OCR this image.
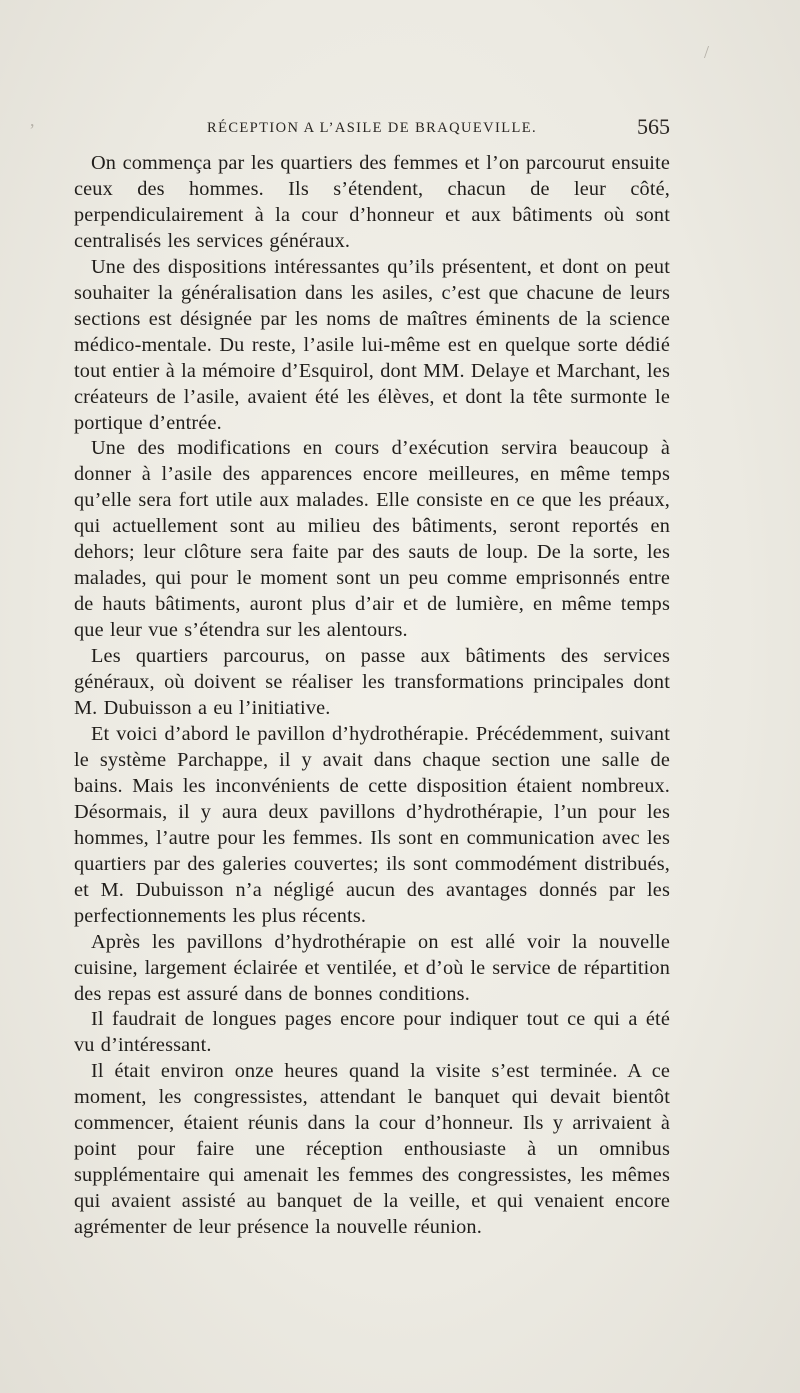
,
/
RÉCEPTION A L’ASILE DE BRAQUEVILLE.	565

On commença par les quartiers des femmes et l’on parcourut ensuite ceux des hommes. Ils s’étendent, chacun de leur côté, perpendiculairement à la cour d’honneur et aux bâtiments où sont centralisés les services généraux.

Une des dispositions intéressantes qu’ils présentent, et dont on peut souhaiter la généralisation dans les asiles, c’est que chacune de leurs sections est désignée par les noms de maîtres éminents de la science médico-mentale. Du reste, l’asile lui-même est en quelque sorte dédié tout entier à la mémoire d’Esquirol, dont MM. Delaye et Marchant, les créateurs de l’asile, avaient été les élèves, et dont la tête surmonte le portique d’entrée.

Une des modifications en cours d’exécution servira beaucoup à donner à l’asile des apparences encore meilleures, en même temps qu’elle sera fort utile aux malades. Elle consiste en ce que les préaux, qui actuellement sont au milieu des bâtiments, seront reportés en dehors; leur clôture sera faite par des sauts de loup. De la sorte, les malades, qui pour le moment sont un peu comme emprisonnés entre de hauts bâtiments, auront plus d’air et de lumière, en même temps que leur vue s’étendra sur les alentours.

Les quartiers parcourus, on passe aux bâtiments des services généraux, où doivent se réaliser les transformations principales dont M. Dubuisson a eu l’initiative.

Et voici d’abord le pavillon d’hydrothérapie. Précédemment, suivant le système Parchappe, il y avait dans chaque section une salle de bains. Mais les inconvénients de cette disposition étaient nombreux. Désormais, il y aura deux pavillons d’hydrothérapie, l’un pour les hommes, l’autre pour les femmes. Ils sont en communication avec les quartiers par des galeries couvertes; ils sont commodément distribués, et M. Dubuisson n’a négligé aucun des avantages donnés par les perfectionnements les plus récents.

Après les pavillons d’hydrothérapie on est allé voir la nouvelle cuisine, largement éclairée et ventilée, et d’où le service de répartition des repas est assuré dans de bonnes conditions.

Il faudrait de longues pages encore pour indiquer tout ce qui a été vu d’intéressant.

Il était environ onze heures quand la visite s’est terminée. A ce moment, les congressistes, attendant le banquet qui devait bientôt commencer, étaient réunis dans la cour d’honneur. Ils y arrivaient à point pour faire une réception enthousiaste à un omnibus supplémentaire qui amenait les femmes des congressistes, les mêmes qui avaient assisté au banquet de la veille, et qui venaient encore agrémenter de leur présence la nouvelle réunion.
